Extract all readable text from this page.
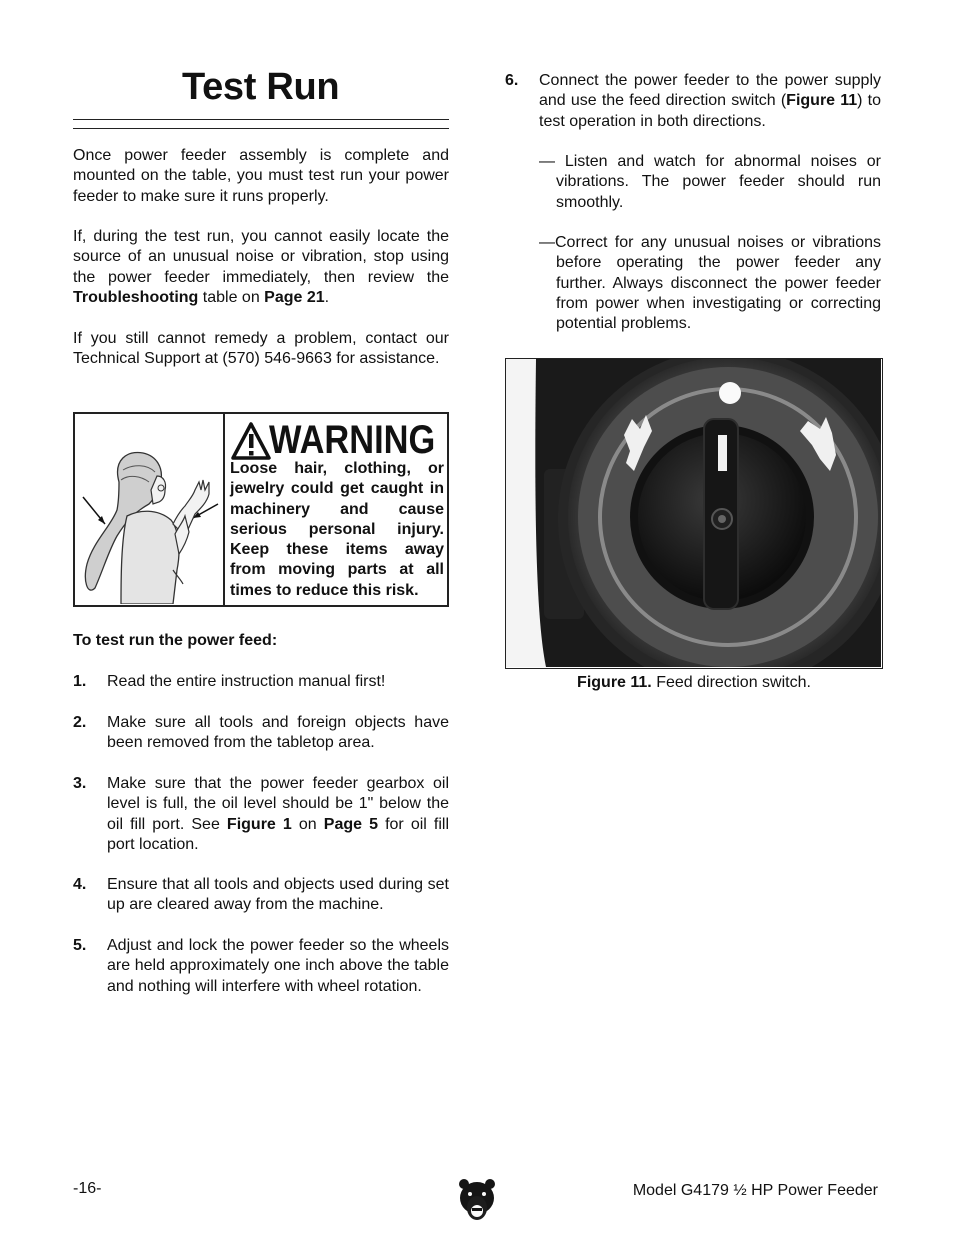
Test Run

Once power feeder assembly is complete and mounted on the table, you must test run your power feeder to make sure it runs properly.

If, during the test run, you cannot easily locate the source of an unusual noise or vibration, stop using the power feeder immediately, then review the Troubleshooting table on Page 21.

If you still cannot remedy a problem, contact our Technical Support at (570) 546-9663 for assistance.

WARNING
Loose hair, clothing, or jewelry could get caught in machinery and cause serious personal injury. Keep these items away from moving parts at all times to reduce this risk.
To test run the power feed:
1. Read the entire instruction manual first!
2. Make sure all tools and foreign objects have been removed from the tabletop area.
3. Make sure that the power feeder gearbox oil level is full, the oil level should be 1" below the oil fill port. See Figure 1 on Page 5 for oil fill port location.
4. Ensure that all tools and objects used during set up are cleared away from the machine.
5. Adjust and lock the power feeder so the wheels are held approximately one inch above the table and nothing will interfere with wheel rotation.
6. Connect the power feeder to the power supply and use the feed direction switch (Figure 11) to test operation in both directions.
— Listen and watch for abnormal noises or vibrations. The power feeder should run smoothly.
—Correct for any unusual noises or vibrations before operating the power feeder any further. Always disconnect the power feeder from power when investigating or correcting potential problems.
Figure 11. Feed direction switch.
-16-	Model G4179 ½ HP Power Feeder
